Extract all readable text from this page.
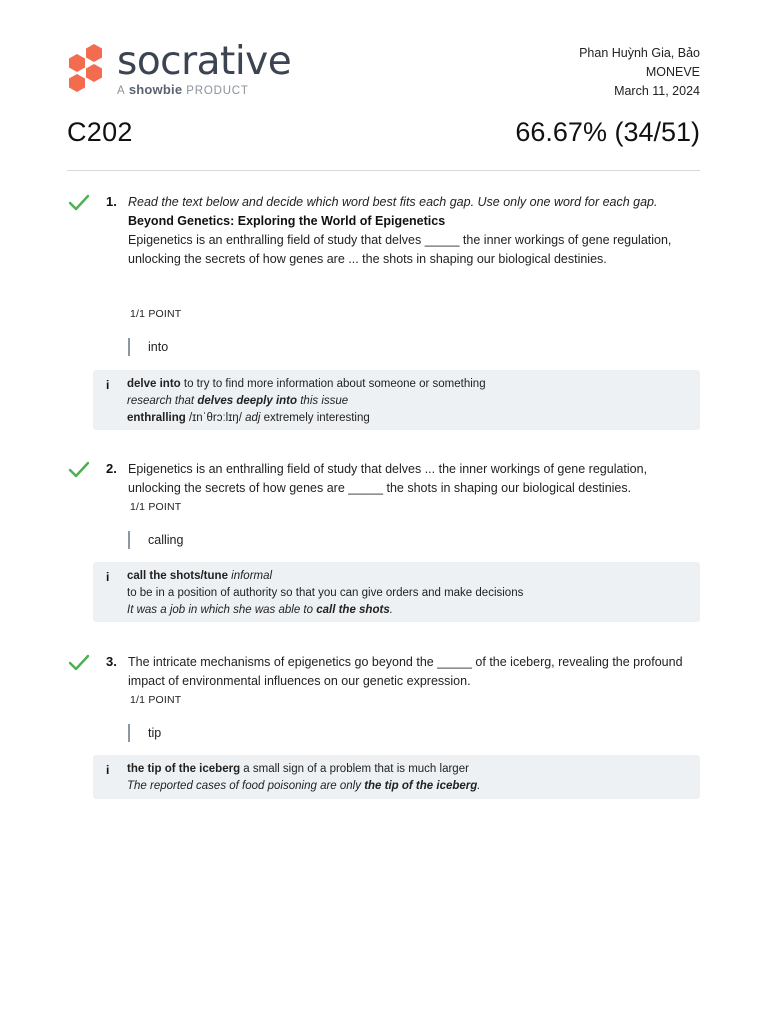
socrative
A showbie PRODUCT
Phan Huỳnh Gia, Bảo
MONEVE
March 11, 2024
C202	66.67% (34/51)
1. Read the text below and decide which word best fits each gap. Use only one word for each gap.
Beyond Genetics: Exploring the World of Epigenetics
Epigenetics is an enthralling field of study that delves _____ the inner workings of gene regulation, unlocking the secrets of how genes are ... the shots in shaping our biological destinies.
1/1 POINT
into
i delve into to try to find more information about someone or something
research that delves deeply into this issue
enthralling /ɪnˈθrɔːlɪŋ/ adj extremely interesting
2. Epigenetics is an enthralling field of study that delves ... the inner workings of gene regulation, unlocking the secrets of how genes are _____ the shots in shaping our biological destinies.
1/1 POINT
calling
i call the shots/tune informal
to be in a position of authority so that you can give orders and make decisions
It was a job in which she was able to call the shots.
3. The intricate mechanisms of epigenetics go beyond the _____ of the iceberg, revealing the profound impact of environmental influences on our genetic expression.
1/1 POINT
tip
i the tip of the iceberg a small sign of a problem that is much larger
The reported cases of food poisoning are only the tip of the iceberg.
